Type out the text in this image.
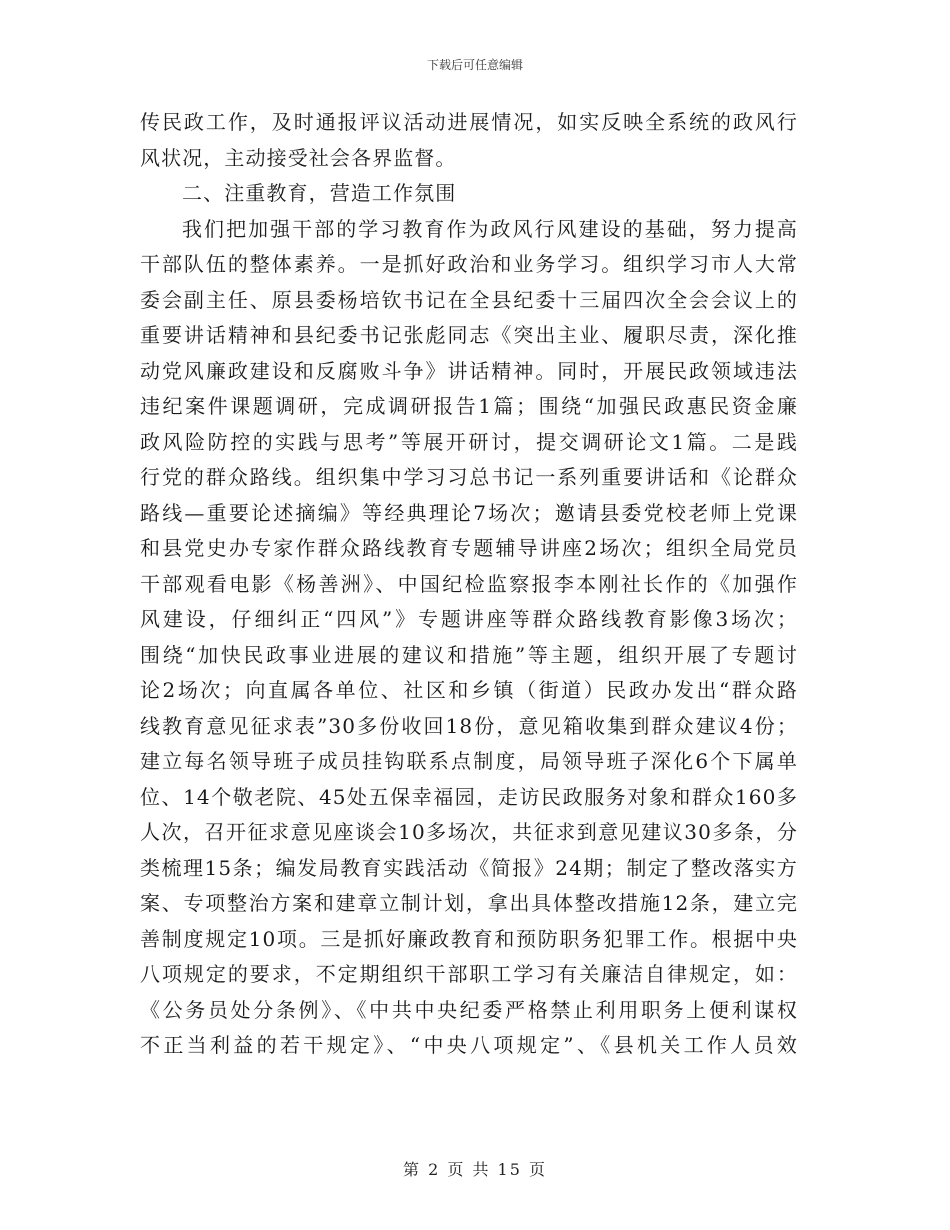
下载后可任意编辑
传民政工作，及时通报评议活动进展情况，如实反映全系统的政风行
风状况，主动接受社会各界监督。
二、注重教育，营造工作氛围
我们把加强干部的学习教育作为政风行风建设的基础，努力提高
干部队伍的整体素养。一是抓好政治和业务学习。组织学习市人大常
委会副主任、原县委杨培钦书记在全县纪委十三届四次全会会议上的
重要讲话精神和县纪委书记张彪同志《突出主业、履职尽责，深化推
动党风廉政建设和反腐败斗争》讲话精神。同时，开展民政领域违法
违纪案件课题调研，完成调研报告1篇；围绕“加强民政惠民资金廉
政风险防控的实践与思考”等展开研讨，提交调研论文1篇。二是践
行党的群众路线。组织集中学习习总书记一系列重要讲话和《论群众
路线—重要论述摘编》等经典理论7场次；邀请县委党校老师上党课
和县党史办专家作群众路线教育专题辅导讲座2场次；组织全局党员
干部观看电影《杨善洲》、中国纪检监察报李本刚社长作的《加强作
风建设，仔细纠正“四风”》专题讲座等群众路线教育影像3场次；
围绕“加快民政事业进展的建议和措施”等主题，组织开展了专题讨
论2场次；向直属各单位、社区和乡镇（街道）民政办发出“群众路
线教育意见征求表”30多份收回18份，意见箱收集到群众建议4份；
建立每名领导班子成员挂钩联系点制度，局领导班子深化6个下属单
位、14个敬老院、45处五保幸福园，走访民政服务对象和群众160多
人次，召开征求意见座谈会10多场次，共征求到意见建议30多条，分
类梳理15条；编发局教育实践活动《简报》24期；制定了整改落实方
案、专项整治方案和建章立制计划，拿出具体整改措施12条，建立完
善制度规定10项。三是抓好廉政教育和预防职务犯罪工作。根据中央
八项规定的要求，不定期组织干部职工学习有关廉洁自律规定，如：
《公务员处分条例》、《中共中央纪委严格禁止利用职务上便利谋权
不正当利益的若干规定》、“中央八项规定”、《县机关工作人员效
第 2 页 共 15 页
